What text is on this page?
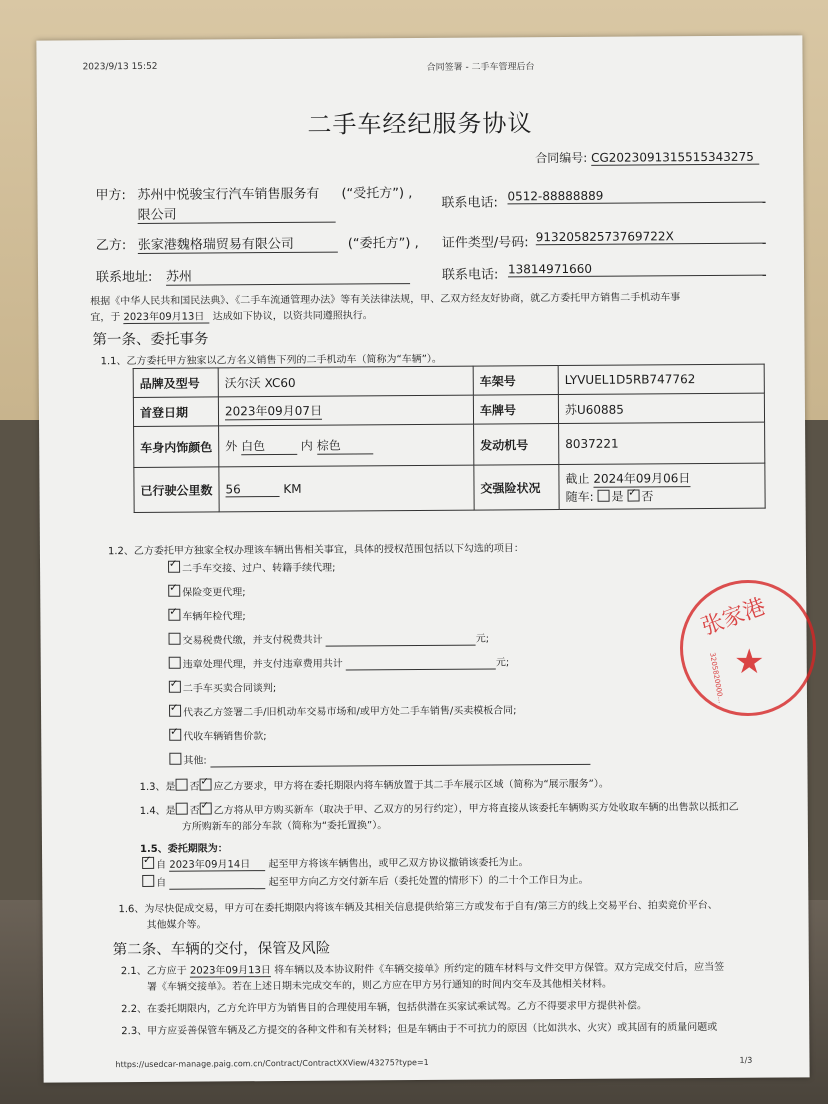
2023/9/13 15:52	合同签署 - 二手车管理后台
二手车经纪服务协议
合同编号: CG20230913155153432​75
甲方: 苏州中悦骏宝行汽车销售服务有
限公司
(“受托方”) ,
联系电话: 0512-88888889
乙方: 张家港魏格瑞贸易有限公司	(“委托方”) , 证件类型/号码: 91320582573769722X
联系地址: 苏州	联系电话: 13814971660
根据《中华人民共和国民法典》、《二手车流通管理办法》等有关法律法规，甲、乙双方经友好协商，就乙方委托甲方销售二手机动车事
宜，于 2023年09月13日 达成如下协议，以资共同遵照执行。
第一条、委托事务
1.1、乙方委托甲方独家以乙方名义销售下列的二手机动车（简称为“车辆”）。
品牌及型号	沃尔沃 XC60	车架号	LYVUEL1D5RB747762
首登日期	2023年09月07日	车牌号	苏U60885
车身内饰颜色	外 白色 内 棕色	发动机号	8037221
已行驶公里数	56 KM	交强险状况	截止 2024年09月06日
随车: 是 ✓ 否
1.2、乙方委托甲方独家全权办理该车辆出售相关事宜，具体的授权范围包括以下勾选的项目：
✓二手车交接、过户、转籍手续代理;
✓保险变更代理;
✓车辆年检代理;
交易税费代缴，并支付税费共计	元;
违章处理代理，并支付违章费用共计	元;
✓二手车买卖合同谈判;
✓代表乙方签署二手/旧机动车交易市场和/或甲方处二手车销售/买卖模板合同;
✓代收车辆销售价款;
其他:
1.3、是 否 ✓ 应乙方要求，甲方将在委托期限内将车辆放置于其二手车展示区域（简称为“展示服务”）。
1.4、是 否 ✓ 乙方将从甲方购买新车（取决于甲、乙双方的另行约定），甲方将直接从该委托车辆购买方处收取车辆的出售款以抵扣乙
方所购新车的部分车款（简称为“委托置换”）。
1.5、委托期限为：
✓自 2023年09月14日 起至甲方将该车辆售出，或甲乙双方协议撤销该委托为止。
自	起至甲方向乙方交付新车后（委托处置的情形下）的二十个工作日为止。
1.6、为尽快促成交易，甲方可在委托期限内将该车辆及其相关信息提供给第三方或发布于自有/第三方的线上交易平台、拍卖竞价平台、
其他媒介等。
第二条、车辆的交付，保管及风险
2.1、乙方应于 2023年09月13日 将车辆以及本协议附件《车辆交接单》所约定的随车材料与文件交甲方保管。双方完成交付后，应当签
署《车辆交接单》。若在上述日期未完成交车的，则乙方应在甲方另行通知的时间内交车及其他相关材料。
2.2、在委托期限内，乙方允许甲方为销售目的合理使用车辆，包括供潜在买家试乘试驾。乙方不得要求甲方提供补偿。
2.3、甲方应妥善保管车辆及乙方提交的各种文件和有关材料；但是车辆由于不可抗力的原因（比如洪水、火灾）或其固有的质量问题或
https://usedcar-manage.paig.com.cn/Contract/ContractXXView/43275?type=1	1/3
张家港
★
3205820000...
